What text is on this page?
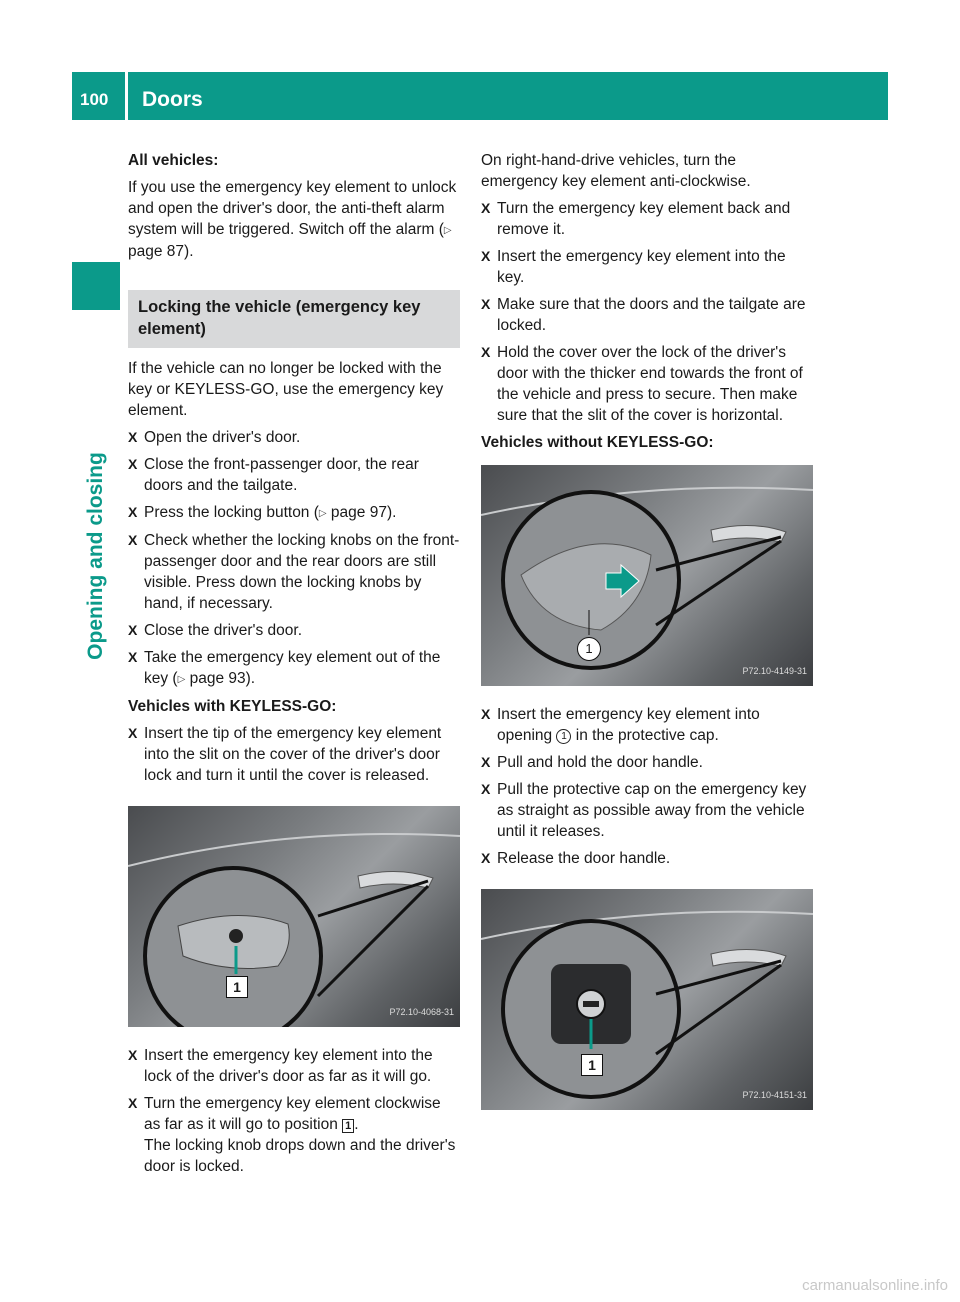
100	Doors
Opening and closing

All vehicles:

If you use the emergency key element to unlock and open the driver's door, the anti-theft alarm system will be triggered. Switch off the alarm (▷ page 87).

Locking the vehicle (emergency key element)

If the vehicle can no longer be locked with the key or KEYLESS-GO, use the emergency key element.

X Open the driver's door.
X Close the front-passenger door, the rear doors and the tailgate.
X Press the locking button (▷ page 97).
X Check whether the locking knobs on the front-passenger door and the rear doors are still visible. Press down the locking knobs by hand, if necessary.
X Close the driver's door.
X Take the emergency key element out of the key (▷ page 93).

Vehicles with KEYLESS-GO:

X Insert the tip of the emergency key element into the slit on the cover of the driver's door lock and turn it until the cover is released.
1
P72.10-4068-31
X Insert the emergency key element into the lock of the driver's door as far as it will go.
X Turn the emergency key element clockwise as far as it will go to position 1 .
The locking knob drops down and the driver's door is locked.

On right-hand-drive vehicles, turn the emergency key element anti-clockwise.

X Turn the emergency key element back and remove it.
X Insert the emergency key element into the key.
X Make sure that the doors and the tailgate are locked.
X Hold the cover over the lock of the driver's door with the thicker end towards the front of the vehicle and press to secure. Then make sure that the slit of the cover is horizontal.

Vehicles without KEYLESS-GO:

1
P72.10-4149-31
X Insert the emergency key element into opening 1 in the protective cap.
X Pull and hold the door handle.
X Pull the protective cap on the emergency key as straight as possible away from the vehicle until it releases.
X Release the door handle.
1
P72.10-4151-31
carmanualsonline.info
